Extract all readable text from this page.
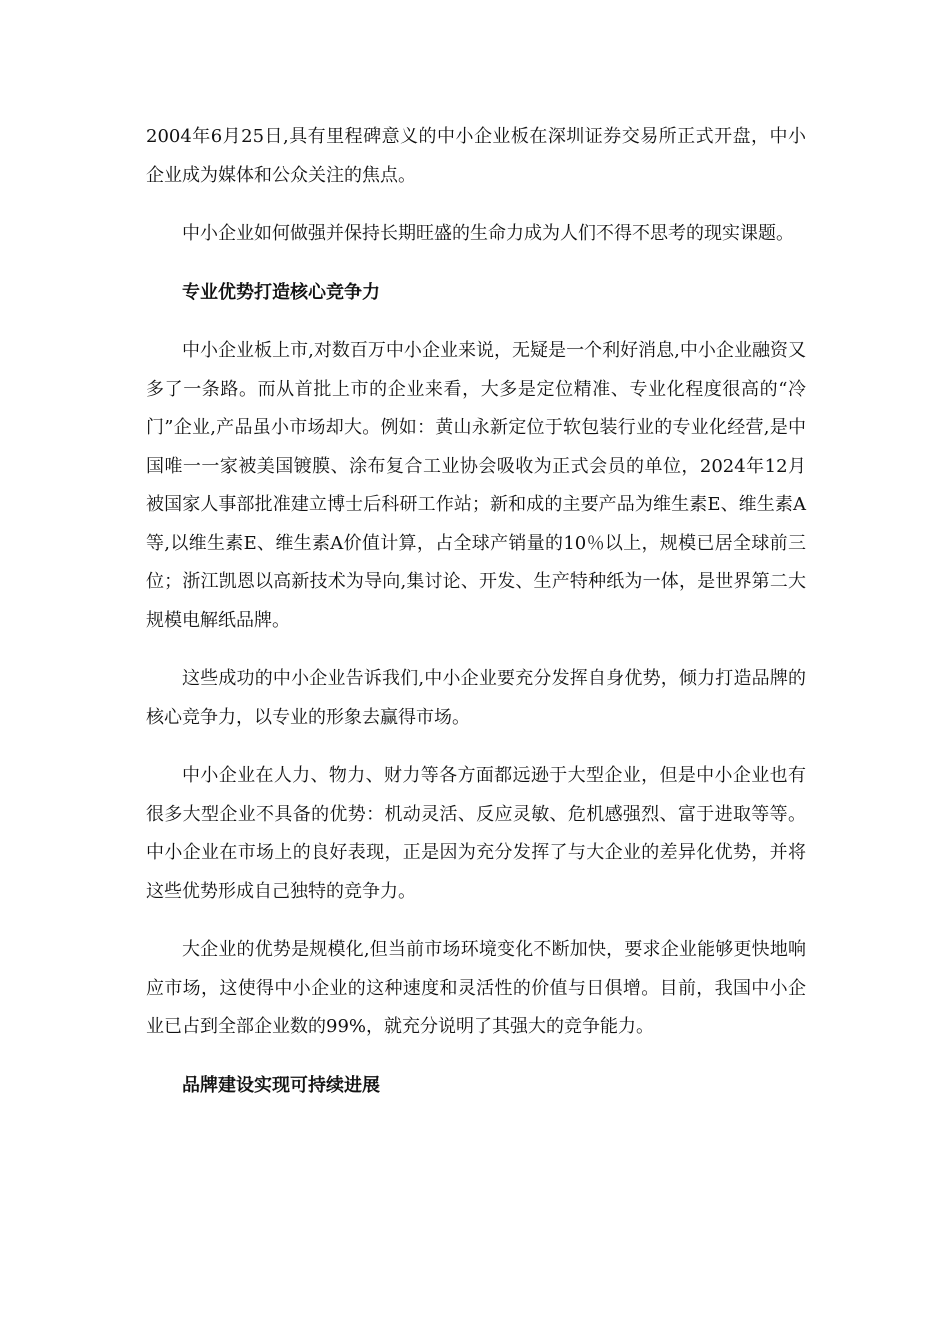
2004年6月25日,具有里程碑意义的中小企业板在深圳证券交易所正式开盘，中小企业成为媒体和公众关注的焦点。

中小企业如何做强并保持长期旺盛的生命力成为人们不得不思考的现实课题。

专业优势打造核心竞争力

中小企业板上市,对数百万中小企业来说，无疑是一个利好消息,中小企业融资又多了一条路。而从首批上市的企业来看，大多是定位精准、专业化程度很高的“冷门”企业,产品虽小市场却大。例如：黄山永新定位于软包装行业的专业化经营,是中国唯一一家被美国镀膜、涂布复合工业协会吸收为正式会员的单位，2024年12月被国家人事部批准建立博士后科研工作站；新和成的主要产品为维生素E、维生素A等,以维生素E、维生素A价值计算，占全球产销量的10％以上，规模已居全球前三位；浙江凯恩以高新技术为导向,集讨论、开发、生产特种纸为一体，是世界第二大规模电解纸品牌。

这些成功的中小企业告诉我们,中小企业要充分发挥自身优势，倾力打造品牌的核心竞争力，以专业的形象去赢得市场。

中小企业在人力、物力、财力等各方面都远逊于大型企业，但是中小企业也有很多大型企业不具备的优势：机动灵活、反应灵敏、危机感强烈、富于进取等等。中小企业在市场上的良好表现，正是因为充分发挥了与大企业的差异化优势，并将这些优势形成自己独特的竞争力。

大企业的优势是规模化,但当前市场环境变化不断加快，要求企业能够更快地响应市场，这使得中小企业的这种速度和灵活性的价值与日俱增。目前，我国中小企业已占到全部企业数的99%，就充分说明了其强大的竞争能力。

品牌建设实现可持续进展
